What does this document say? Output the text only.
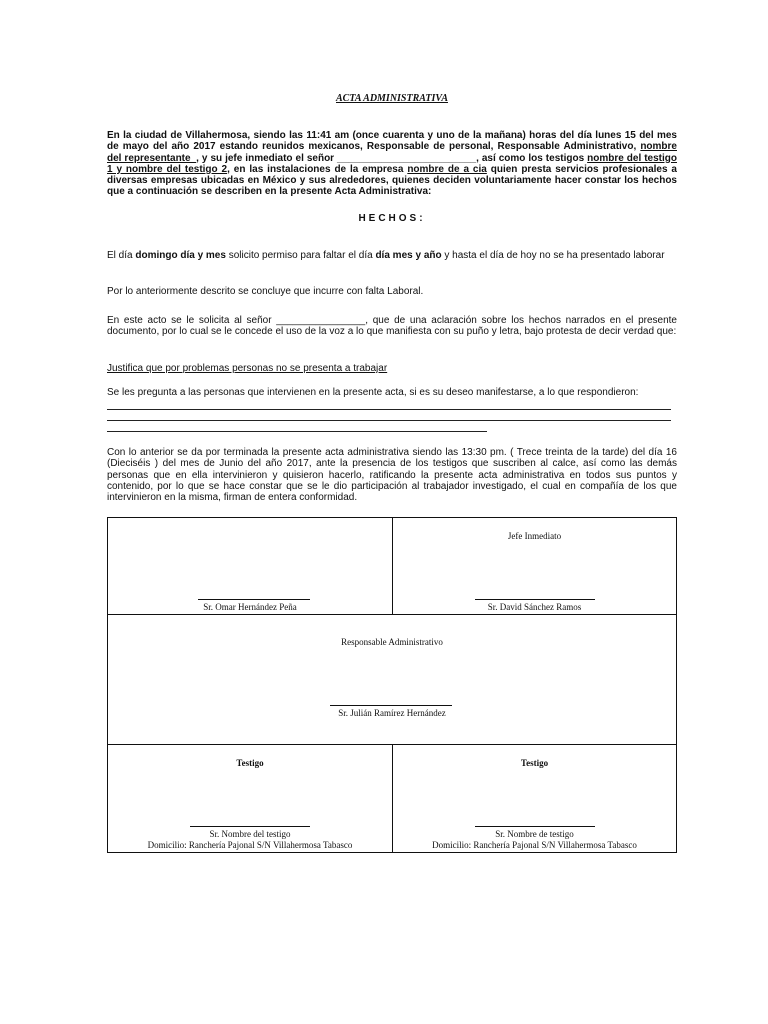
ACTA ADMINISTRATIVA
En la ciudad de Villahermosa, siendo las 11:41 am (once cuarenta y uno de la mañana) horas del día lunes 15 del mes de mayo del año 2017 estando reunidos mexicanos, Responsable de personal, Responsable Administrativo, nombre del representante_, y su jefe inmediato el señor _________________________, así como los testigos nombre del testigo 1 y nombre del testigo 2, en las instalaciones de la empresa nombre de a cia quien presta servicios profesionales a diversas empresas ubicadas en México y sus alrededores, quienes deciden voluntariamente hacer constar los hechos que a continuación se describen en la presente Acta Administrativa:
HECHOS:
El día domingo día y mes solicito permiso para faltar el día día mes y año y hasta el día de hoy no se ha presentado laborar
Por lo anteriormente descrito se concluye que incurre con falta Laboral.
En este acto se le solicita al señor ________________, que de una aclaración sobre los hechos narrados en el presente documento, por lo cual se le concede el uso de la voz a lo que manifiesta con su puño y letra, bajo protesta de decir verdad que:
Justifica que por problemas personas no se presenta a trabajar
Se les pregunta a las personas que intervienen en la presente acta, si es su deseo manifestarse, a lo que respondieron:
Con lo anterior se da por terminada la presente acta administrativa siendo las 13:30 pm. ( Trece treinta de la tarde) del día 16 (Dieciséis ) del mes de Junio del año 2017, ante la presencia de los testigos que suscriben al calce, así como las demás personas que en ella intervinieron y quisieron hacerlo, ratificando la presente acta administrativa en todos sus puntos y contenido, por lo que se hace constar que se le dio participación al trabajador investigado, el cual en compañía de los que intervinieron en la misma, firman de entera conformidad.
Sr. Omar Hernández Peña
Jefe Inmediato
Sr. David Sánchez Ramos
Responsable Administrativo
Sr. Julián Ramírez Hernández
Testigo
Sr. Nombre del testigo
Domicilio: Ranchería Pajonal S/N Villahermosa Tabasco
Testigo
Sr. Nombre de testigo
Domicilio: Ranchería Pajonal S/N Villahermosa Tabasco
